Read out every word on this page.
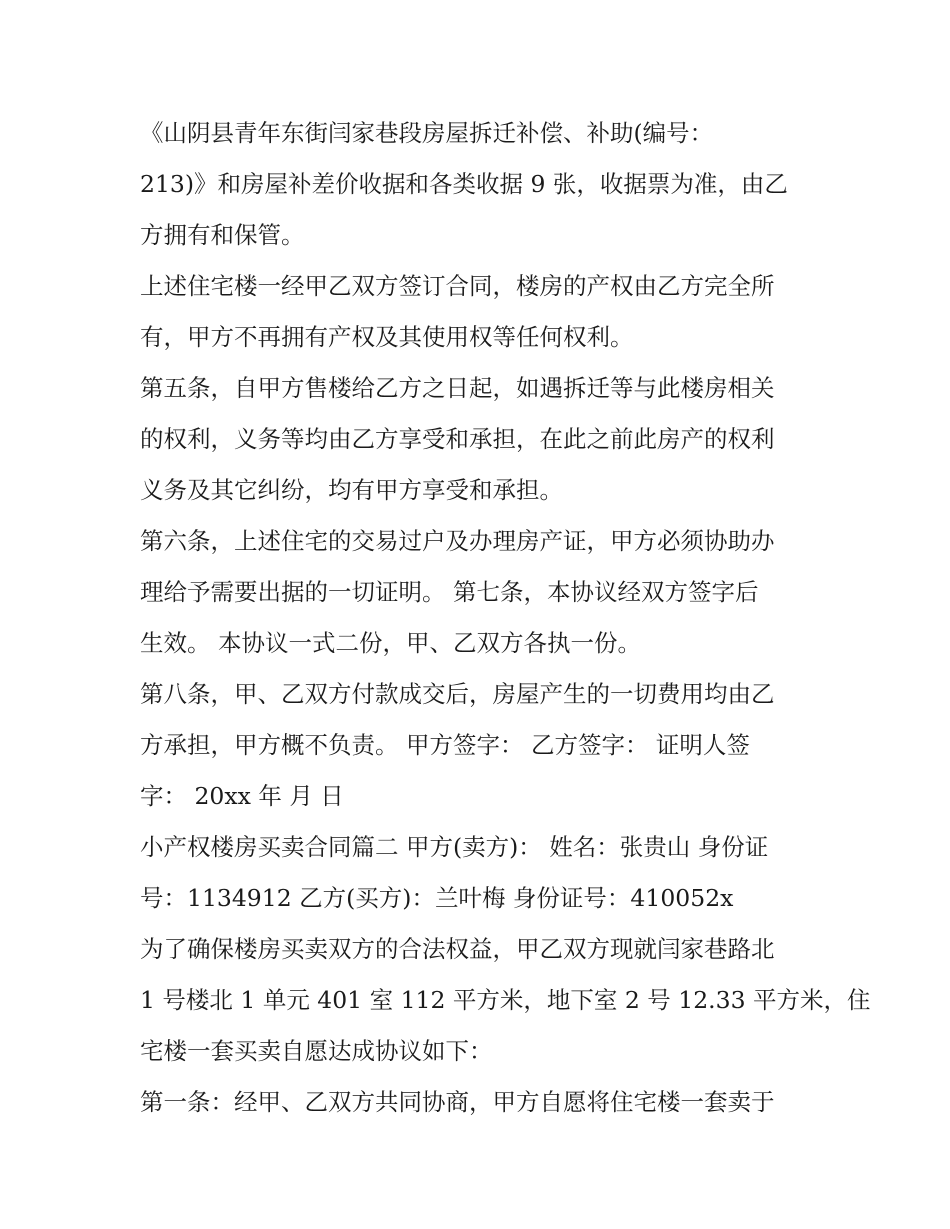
《山阴县青年东街闫家巷段房屋拆迁补偿、补助(编号：
213)》和房屋补差价收据和各类收据 9 张，收据票为准，由乙
方拥有和保管。
上述住宅楼一经甲乙双方签订合同，楼房的产权由乙方完全所
有，甲方不再拥有产权及其使用权等任何权利。
第五条，自甲方售楼给乙方之日起，如遇拆迁等与此楼房相关
的权利，义务等均由乙方享受和承担，在此之前此房产的权利
义务及其它纠纷，均有甲方享受和承担。
第六条，上述住宅的交易过户及办理房产证，甲方必须协助办
理给予需要出据的一切证明。 第七条，本协议经双方签字后
生效。 本协议一式二份，甲、乙双方各执一份。
第八条，甲、乙双方付款成交后，房屋产生的一切费用均由乙
方承担，甲方概不负责。 甲方签字： 乙方签字： 证明人签
字： 20xx 年 月 日
小产权楼房买卖合同篇二 甲方(卖方)： 姓名：张贵山 身份证
号：1134912 乙方(买方)：兰叶梅 身份证号：410052x
为了确保楼房买卖双方的合法权益，甲乙双方现就闫家巷路北
1 号楼北 1 单元 401 室 112 平方米，地下室 2 号 12.33 平方米，住
宅楼一套买卖自愿达成协议如下：
第一条：经甲、乙双方共同协商，甲方自愿将住宅楼一套卖于
